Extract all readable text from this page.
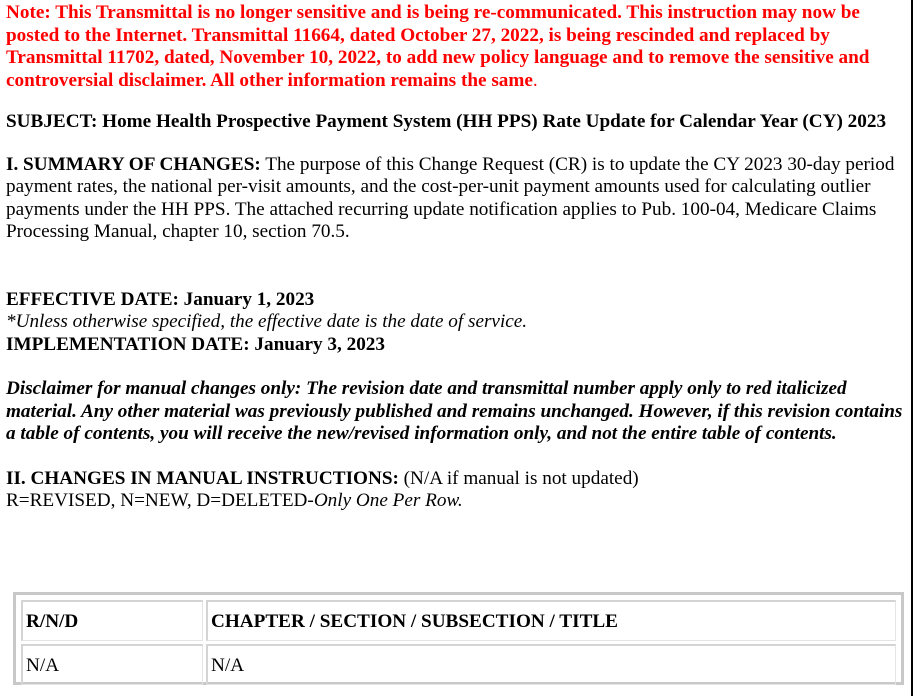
Note: This Transmittal is no longer sensitive and is being re-communicated. This instruction may now be posted to the Internet. Transmittal 11664, dated October 27, 2022, is being rescinded and replaced by Transmittal 11702, dated, November 10, 2022, to add new policy language and to remove the sensitive and controversial disclaimer. All other information remains the same.

SUBJECT: Home Health Prospective Payment System (HH PPS) Rate Update for Calendar Year (CY) 2023

I. SUMMARY OF CHANGES: The purpose of this Change Request (CR) is to update the CY 2023 30-day period payment rates, the national per-visit amounts, and the cost-per-unit payment amounts used for calculating outlier payments under the HH PPS. The attached recurring update notification applies to Pub. 100-04, Medicare Claims Processing Manual, chapter 10, section 70.5.

EFFECTIVE DATE: January 1, 2023

*Unless otherwise specified, the effective date is the date of service.

IMPLEMENTATION DATE: January 3, 2023

Disclaimer for manual changes only: The revision date and transmittal number apply only to red italicized material. Any other material was previously published and remains unchanged. However, if this revision contains a table of contents, you will receive the new/revised information only, and not the entire table of contents.

II. CHANGES IN MANUAL INSTRUCTIONS: (N/A if manual is not updated)

R=REVISED, N=NEW, D=DELETED-Only One Per Row.

R/N/D	CHAPTER / SECTION / SUBSECTION / TITLE
N/A	N/A
